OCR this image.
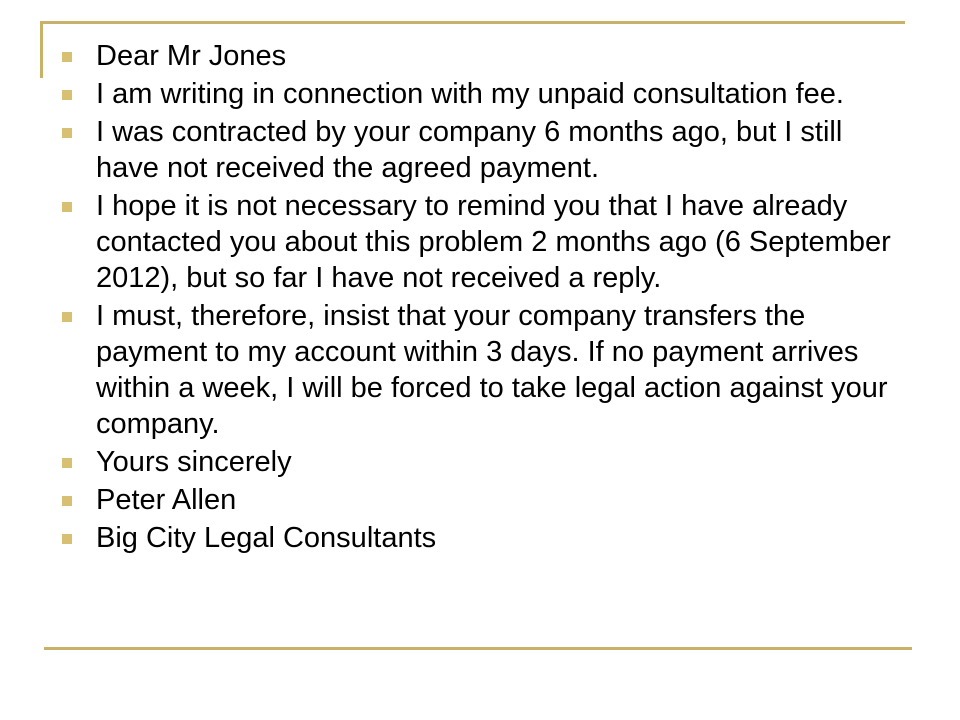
Dear Mr Jones
I am writing in connection with my unpaid consultation fee.
I was contracted by your company 6 months ago, but I still have not received the agreed payment.
I hope it is not necessary to remind you that I have already contacted you about this problem 2 months ago (6 September 2012), but so far I have not received a reply.
I must, therefore, insist that your company transfers the payment to my account within 3 days. If no payment arrives within a week, I will be forced to take legal action against your company.
Yours sincerely
Peter Allen
Big City Legal Consultants
